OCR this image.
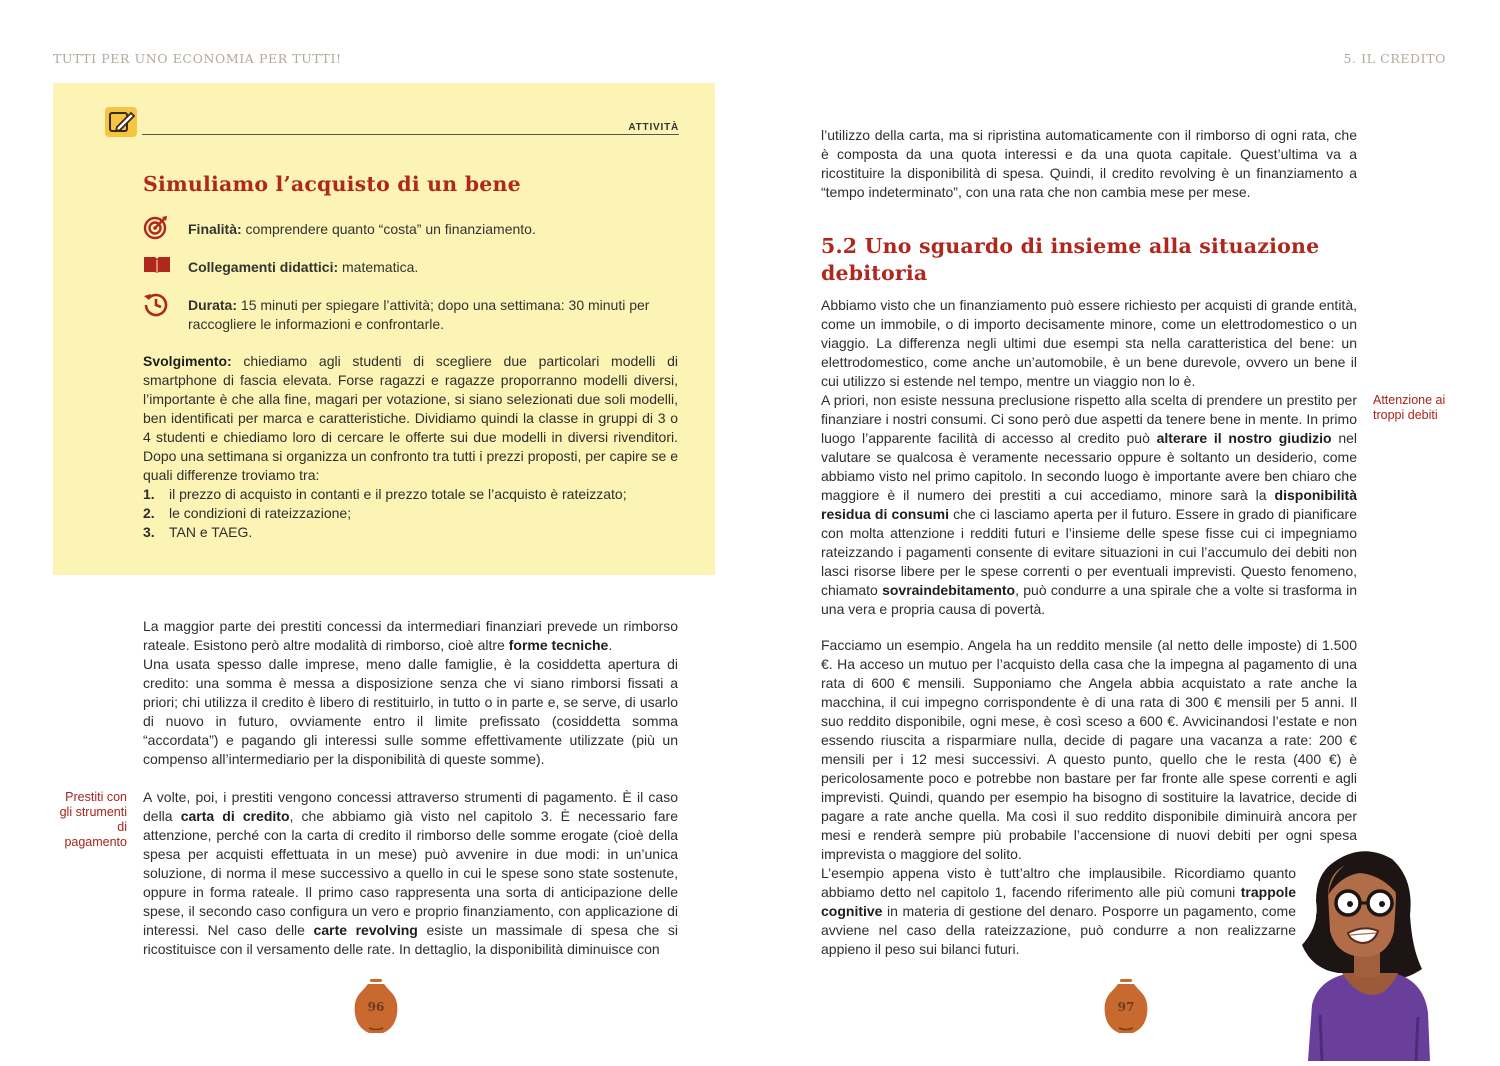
TUTTI PER UNO ECONOMIA PER TUTTI!	5. IL CREDITO
ATTIVITÀ
Simuliamo l’acquisto di un bene
Finalità: comprendere quanto “costa” un finanziamento.
Collegamenti didattici: matematica.
Durata: 15 minuti per spiegare l’attività; dopo una settimana: 30 minuti per raccogliere le informazioni e confrontarle.
Svolgimento: chiediamo agli studenti di scegliere due particolari modelli di smartphone di fascia elevata. Forse ragazzi e ragazze proporranno modelli diversi, l’importante è che alla fine, magari per votazione, si siano selezionati due soli modelli, ben identificati per marca e caratteristiche. Dividiamo quindi la classe in gruppi di 3 o 4 studenti e chiediamo loro di cercare le offerte sui due modelli in diversi rivenditori. Dopo una settimana si organizza un confronto tra tutti i prezzi proposti, per capire se e quali differenze troviamo tra:
1.	il prezzo di acquisto in contanti e il prezzo totale se l’acquisto è rateizzato;
2.	le condizioni di rateizzazione;
3.	TAN e TAEG.
La maggior parte dei prestiti concessi da intermediari finanziari prevede un rimborso rateale. Esistono però altre modalità di rimborso, cioè altre forme tecniche.
Una usata spesso dalle imprese, meno dalle famiglie, è la cosiddetta apertura di credito: una somma è messa a disposizione senza che vi siano rimborsi fissati a priori; chi utilizza il credito è libero di restituirlo, in tutto o in parte e, se serve, di usarlo di nuovo in futuro, ovviamente entro il limite prefissato (cosiddetta somma “accordata”) e pagando gli interessi sulle somme effettivamente utilizzate (più un compenso all’intermediario per la disponibilità di queste somme).
Prestiti con gli strumenti di pagamento
A volte, poi, i prestiti vengono concessi attraverso strumenti di pagamento. È il caso della carta di credito, che abbiamo già visto nel capitolo 3. È necessario fare attenzione, perché con la carta di credito il rimborso delle somme erogate (cioè della spesa per acquisti effettuata in un mese) può avvenire in due modi: in un’unica soluzione, di norma il mese successivo a quello in cui le spese sono state sostenute, oppure in forma rateale. Il primo caso rappresenta una sorta di anticipazione delle spese, il secondo caso configura un vero e proprio finanziamento, con applicazione di interessi. Nel caso delle carte revolving esiste un massimale di spesa che si ricostituisce con il versamento delle rate. In dettaglio, la disponibilità diminuisce con
96
l’utilizzo della carta, ma si ripristina automaticamente con il rimborso di ogni rata, che è composta da una quota interessi e da una quota capitale. Quest’ultima va a ricostituire la disponibilità di spesa. Quindi, il credito revolving è un finanziamento a “tempo indeterminato”, con una rata che non cambia mese per mese.
5.2 Uno sguardo di insieme alla situazione debitoria
Abbiamo visto che un finanziamento può essere richiesto per acquisti di grande entità, come un immobile, o di importo decisamente minore, come un elettrodomestico o un viaggio. La differenza negli ultimi due esempi sta nella caratteristica del bene: un elettrodomestico, come anche un’automobile, è un bene durevole, ovvero un bene il cui utilizzo si estende nel tempo, mentre un viaggio non lo è.
Attenzione ai troppi debiti
A priori, non esiste nessuna preclusione rispetto alla scelta di prendere un prestito per finanziare i nostri consumi. Ci sono però due aspetti da tenere bene in mente. In primo luogo l’apparente facilità di accesso al credito può alterare il nostro giudizio nel valutare se qualcosa è veramente necessario oppure è soltanto un desiderio, come abbiamo visto nel primo capitolo. In secondo luogo è importante avere ben chiaro che maggiore è il numero dei prestiti a cui accediamo, minore sarà la disponibilità residua di consumi che ci lasciamo aperta per il futuro. Essere in grado di pianificare con molta attenzione i redditi futuri e l’insieme delle spese fisse cui ci impegniamo rateizzando i pagamenti consente di evitare situazioni in cui l’accumulo dei debiti non lasci risorse libere per le spese correnti o per eventuali imprevisti. Questo fenomeno, chiamato sovraindebitamento, può condurre a una spirale che a volte si trasforma in una vera e propria causa di povertà.
Facciamo un esempio. Angela ha un reddito mensile (al netto delle imposte) di 1.500 €. Ha acceso un mutuo per l’acquisto della casa che la impegna al pagamento di una rata di 600 € mensili. Supponiamo che Angela abbia acquistato a rate anche la macchina, il cui impegno corrispondente è di una rata di 300 € mensili per 5 anni. Il suo reddito disponibile, ogni mese, è così sceso a 600 €. Avvicinandosi l’estate e non essendo riuscita a risparmiare nulla, decide di pagare una vacanza a rate: 200 € mensili per i 12 mesi successivi. A questo punto, quello che le resta (400 €) è pericolosamente poco e potrebbe non bastare per far fronte alle spese correnti e agli imprevisti. Quindi, quando per esempio ha bisogno di sostituire la lavatrice, decide di pagare a rate anche quella. Ma così il suo reddito disponibile diminuirà ancora per mesi e renderà sempre più probabile l’accensione di nuovi debiti per ogni spesa imprevista o maggiore del solito.
L’esempio appena visto è tutt’altro che implausibile. Ricordiamo quanto abbiamo detto nel capitolo 1, facendo riferimento alle più comuni trappole cognitive in materia di gestione del denaro. Posporre un pagamento, come avviene nel caso della rateizzazione, può condurre a non realizzarne appieno il peso sui bilanci futuri.
97
